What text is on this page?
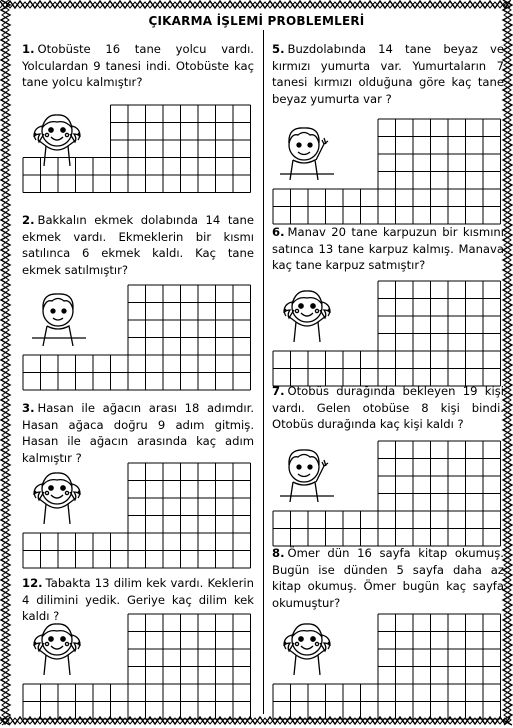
ÇIKARMA İŞLEMİ PROBLEMLERİ

1. Otobüste 16 tane yolcu vardı. Yolculardan 9 tanesi indi. Otobüste kaç tane yolcu kalmıştır?

2. Bakkalın ekmek dolabında 14 tane ekmek vardı. Ekmeklerin bir kısmı satılınca 6 ekmek kaldı. Kaç tane ekmek satılmıştır?

3. Hasan ile ağacın arası 18 adımdır. Hasan ağaca doğru 9 adım gitmiş. Hasan ile ağacın arasında kaç adım kalmıştır ?

12. Tabakta 13 dilim kek vardı. Keklerin 4 dilimini yedik. Geriye kaç dilim kek kaldı ?

5. Buzdolabında 14 tane beyaz ve kırmızı yumurta var. Yumurtaların 7 tanesi kırmızı olduğuna göre kaç tane beyaz yumurta var ?

6. Manav 20 tane karpuzun bir kısmını satınca 13 tane karpuz kalmış. Manava kaç tane karpuz satmıştır?

7. Otobüs durağında bekleyen 19 kişi vardı. Gelen otobüse 8 kişi bindi. Otobüs durağında kaç kişi kaldı ?

8. Ömer dün 16 sayfa kitap okumuş. Bugün ise dünden 5 sayfa daha az kitap okumuş. Ömer bugün kaç sayfa okumuştur?
